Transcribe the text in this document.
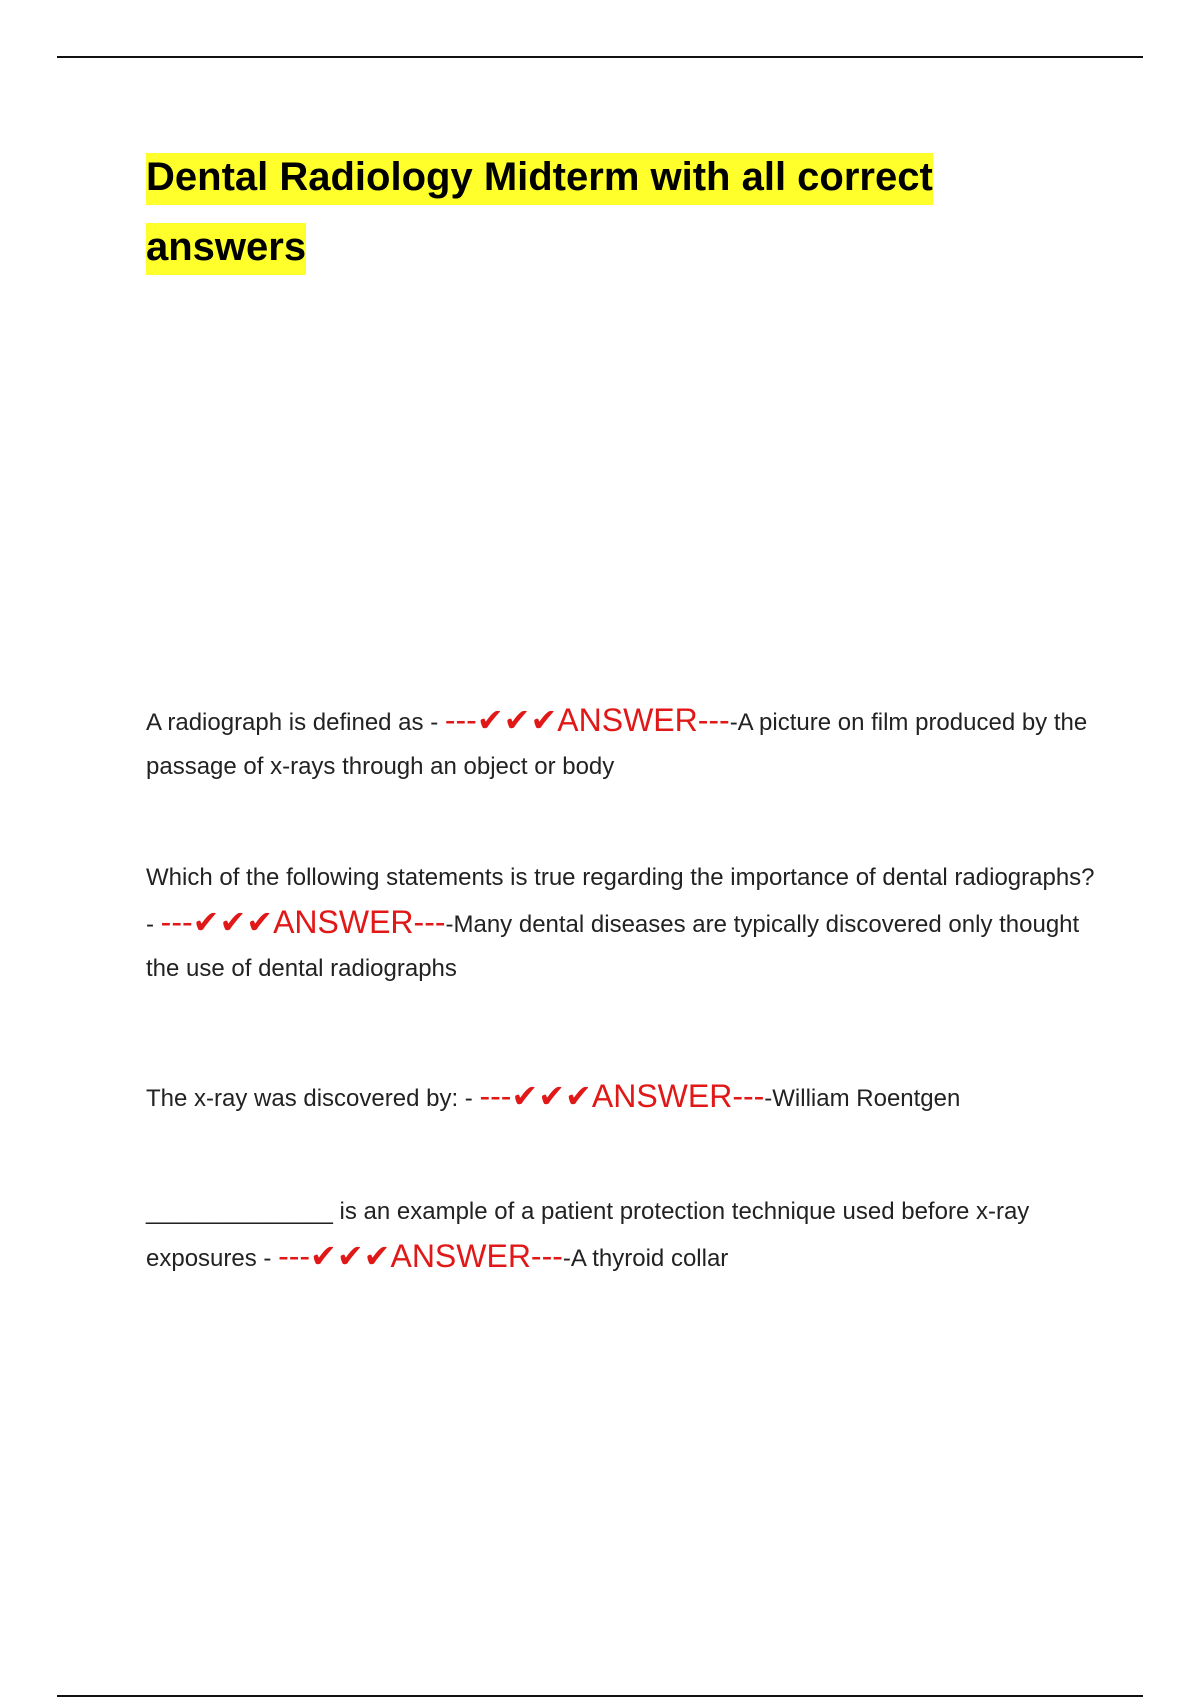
Dental Radiology Midterm with all correct answers

A radiograph is defined as - ---✔✔✔ANSWER----A picture on film produced by the passage of x-rays through an object or body

Which of the following statements is true regarding the importance of dental radiographs? - ---✔✔✔ANSWER----Many dental diseases are typically discovered only thought the use of dental radiographs

The x-ray was discovered by: - ---✔✔✔ANSWER----William Roentgen

______________ is an example of a patient protection technique used before x-ray exposures - ---✔✔✔ANSWER----A thyroid collar
